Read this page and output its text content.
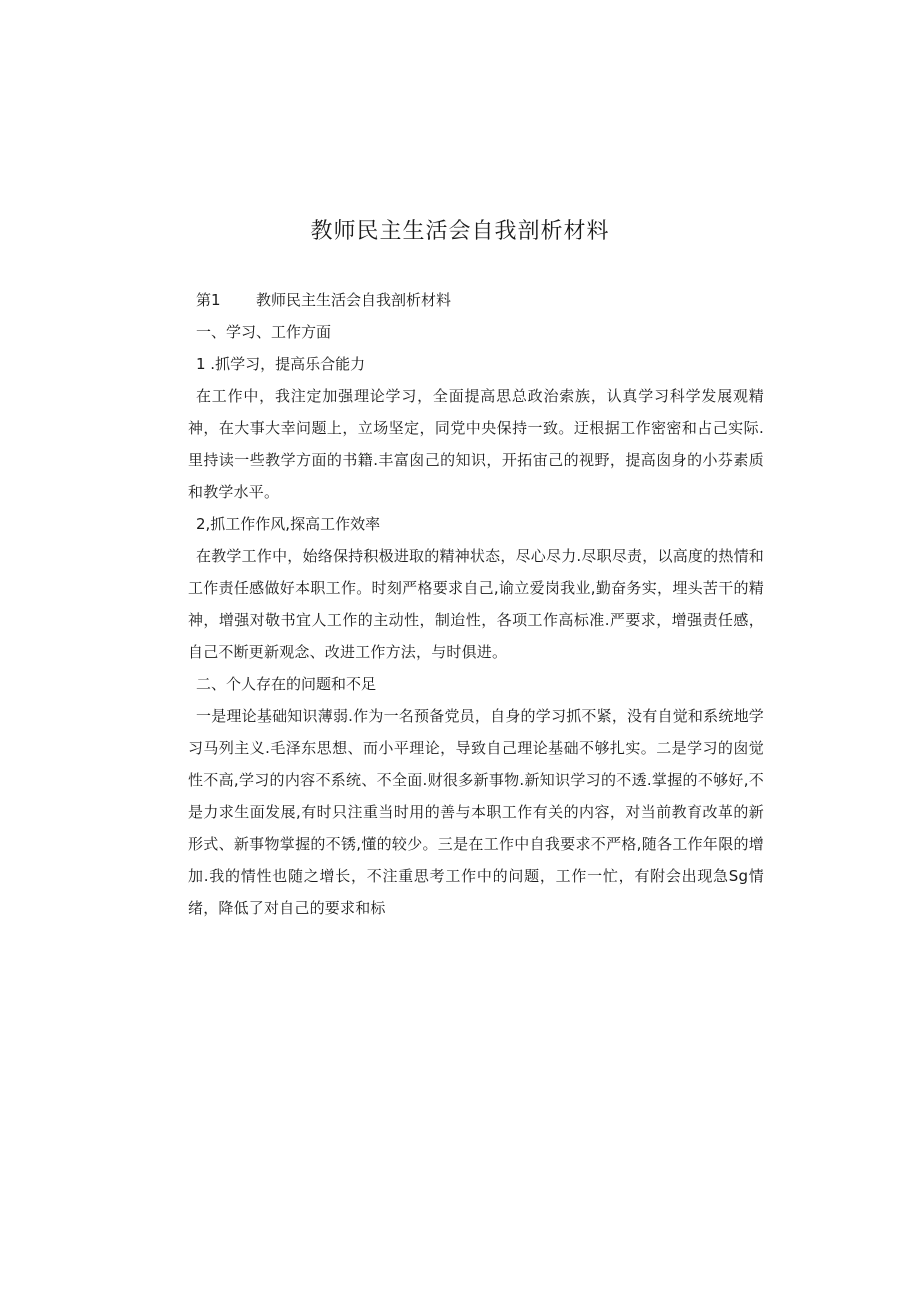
教师民主生活会自我剖析材料
第1 教师民主生活会自我剖析材料
一、学习、工作方面
1 .抓学习，提高乐合能力

在工作中，我注定加强理论学习，全面提高思总政治索族，认真学习科学发展观精神，在大事大幸问题上，立场坚定，同党中央保持一致。迂根据工作密密和占己实际.里持读一些教学方面的书籍.丰富囱己的知识，开拓宙己的视野，提高囱身的小芬素质和教学水平。

2,抓工作作风,探高工作效率

在教学工作中，始络保持积极进取的精神状态，尽心尽力.尽职尽责，以高度的热情和工作责任感做好本职工作。时刻严格要求自己,谕立爱岗我业,勤奋务实，埋头苦干的精神，增强对敬书宜人工作的主动性，制迨性，各项工作高标准.严要求，增强责任感，自己不断更新观念、改进工作方法，与时俱进。

二、个人存在的问题和不足

一是理论基础知识薄弱.作为一名预备党员，自身的学习抓不紧，没有自觉和系统地学习马列主义.毛泽东思想、而小平理论，导致自己理论基础不够扎实。二是学习的囱觉性不高,学习的内容不系统、不全面.财很多新事物.新知识学习的不透.掌握的不够好,不是力求生面发展,有时只注重当时用的善与本职工作有关的内容，对当前教育改革的新形式、新事物掌握的不锈,懂的较少。三是在工作中自我要求不严格,随各工作年限的增加.我的情性也随之增长，不注重思考工作中的问题，工作一忙，有附会出现急Sg情绪，降低了对自己的要求和标
